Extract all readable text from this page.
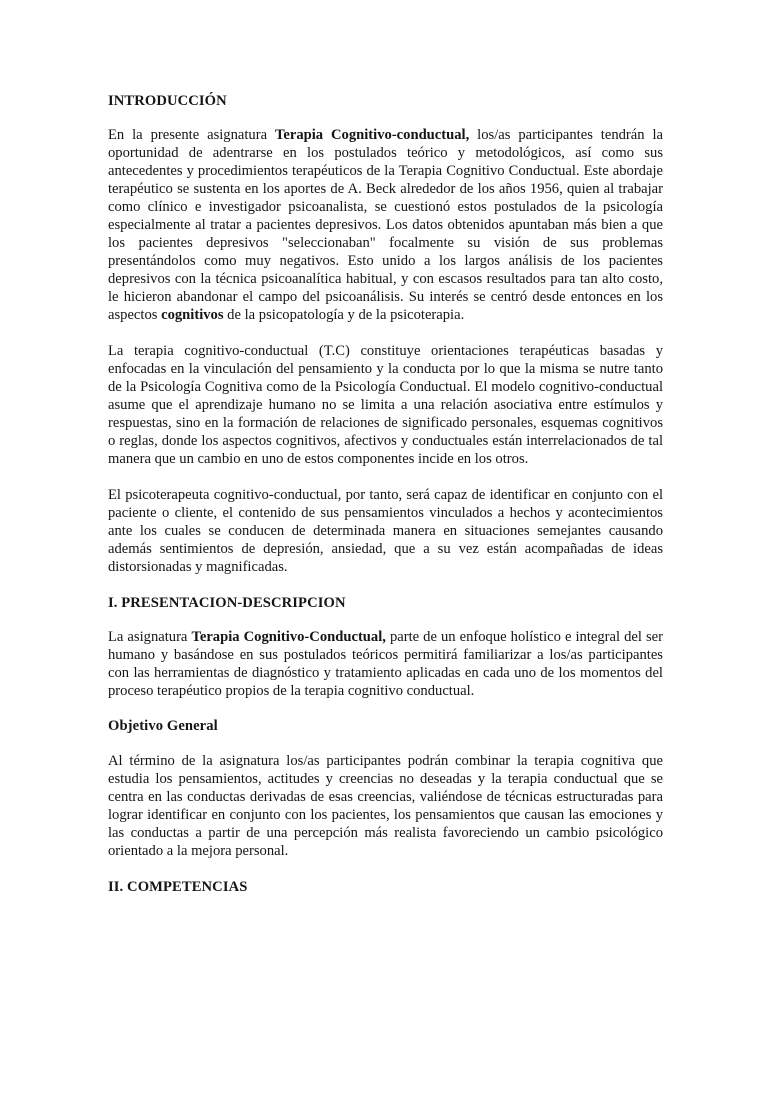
INTRODUCCIÓN

En la presente asignatura Terapia Cognitivo-conductual, los/as participantes tendrán la oportunidad de adentrarse en los postulados teórico y metodológicos, así como sus antecedentes y procedimientos terapéuticos de la Terapia Cognitivo Conductual. Este abordaje terapéutico se sustenta en los aportes de A. Beck alrededor de los años 1956, quien al trabajar como clínico e investigador psicoanalista, se cuestionó estos postulados de la psicología especialmente al tratar a pacientes depresivos. Los datos obtenidos apuntaban más bien a que los pacientes depresivos "seleccionaban" focalmente su visión de sus problemas presentándolos como muy negativos. Esto unido a los largos análisis de los pacientes depresivos con la técnica psicoanalítica habitual, y con escasos resultados para tan alto costo, le hicieron abandonar el campo del psicoanálisis. Su interés se centró desde entonces en los aspectos cognitivos de la psicopatología y de la psicoterapia.

La terapia cognitivo-conductual (T.C) constituye orientaciones terapéuticas basadas y enfocadas en la vinculación del pensamiento y la conducta por lo que la misma se nutre tanto de la Psicología Cognitiva como de la Psicología Conductual. El modelo cognitivo-conductual asume que el aprendizaje humano no se limita a una relación asociativa entre estímulos y respuestas, sino en la formación de relaciones de significado personales, esquemas cognitivos o reglas, donde los aspectos cognitivos, afectivos y conductuales están interrelacionados de tal manera que un cambio en uno de estos componentes incide en los otros.

El psicoterapeuta cognitivo-conductual, por tanto, será capaz de identificar en conjunto con el paciente o cliente, el contenido de sus pensamientos vinculados a hechos y acontecimientos ante los cuales se conducen de determinada manera en situaciones semejantes causando además sentimientos de depresión, ansiedad, que a su vez están acompañadas de ideas distorsionadas y magnificadas.

I. PRESENTACION-DESCRIPCION

La asignatura Terapia Cognitivo-Conductual, parte de un enfoque holístico e integral del ser humano y basándose en sus postulados teóricos permitirá familiarizar a los/as participantes con las herramientas de diagnóstico y tratamiento aplicadas en cada uno de los momentos del proceso terapéutico propios de la terapia cognitivo conductual.

Objetivo General

Al término de la asignatura los/as participantes podrán combinar la terapia cognitiva que estudia los pensamientos, actitudes y creencias no deseadas y la terapia conductual que se centra en las conductas derivadas de esas creencias, valiéndose de técnicas estructuradas para lograr identificar en conjunto con los pacientes, los pensamientos que causan las emociones y las conductas a partir de una percepción más realista favoreciendo un cambio psicológico orientado a la mejora personal.

II. COMPETENCIAS
